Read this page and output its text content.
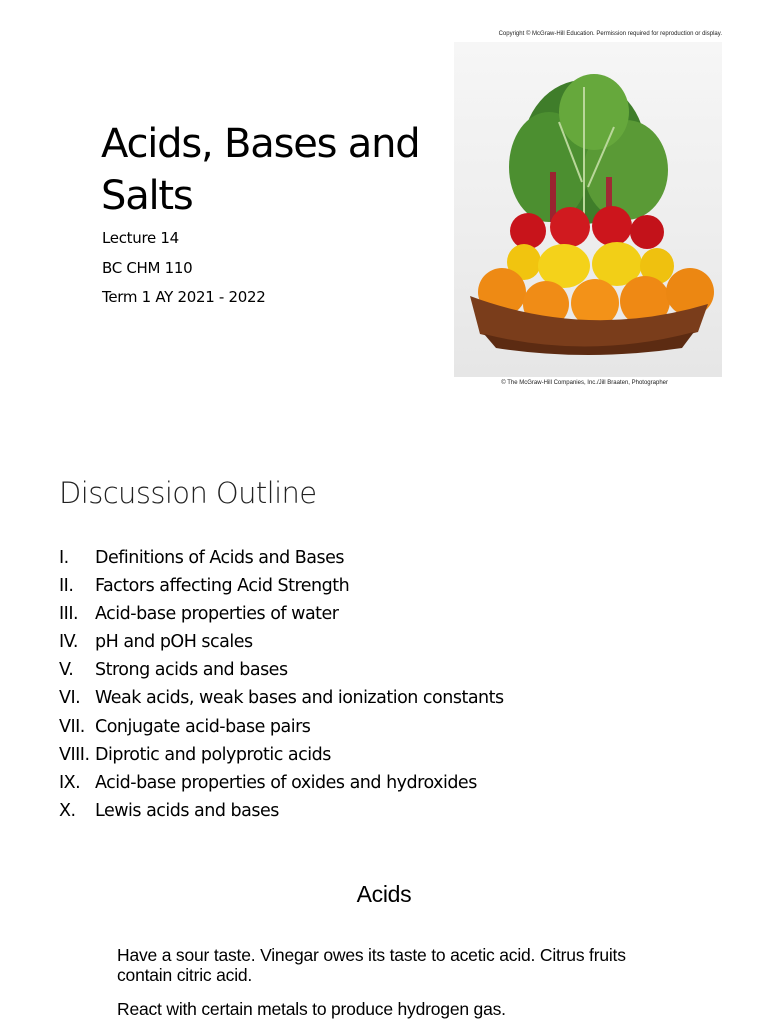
Acids, Bases and Salts
Lecture 14
BC CHM 110
Term 1 AY 2021 - 2022
Copyright © McGraw-Hill Education. Permission required for reproduction or display.
© The McGraw-Hill Companies, Inc./Jill Braaten, Photographer
Discussion Outline
I.	Definitions of Acids and Bases
II.	Factors affecting Acid Strength
III. Acid-base properties of water
IV. pH and pOH scales
V.	Strong acids and bases
VI. Weak acids, weak bases and ionization constants
VII. Conjugate acid-base pairs
VIII. Diprotic and polyprotic acids
IX. Acid-base properties of oxides and hydroxides
X.	Lewis acids and bases
Acids
Have a sour taste. Vinegar owes its taste to acetic acid. Citrus fruits contain citric acid.
React with certain metals to produce hydrogen gas.
